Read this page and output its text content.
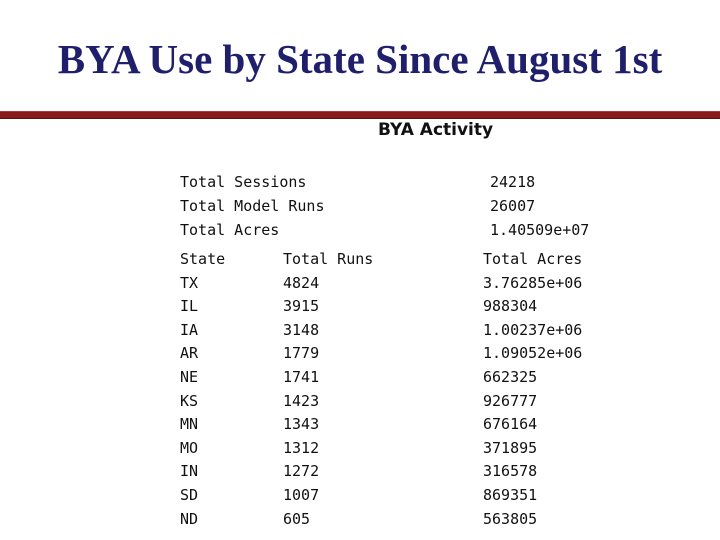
BYA Use by State Since August 1st
BYA Activity
Total Sessions	24218
Total Model Runs	26007
Total Acres	1.40509e+07
State	Total Runs	Total Acres
TX	4824	3.76285e+06
IL	3915	988304
IA	3148	1.00237e+06
AR	1779	1.09052e+06
NE	1741	662325
KS	1423	926777
MN	1343	676164
MO	1312	371895
IN	1272	316578
SD	1007	869351
ND	605	563805
